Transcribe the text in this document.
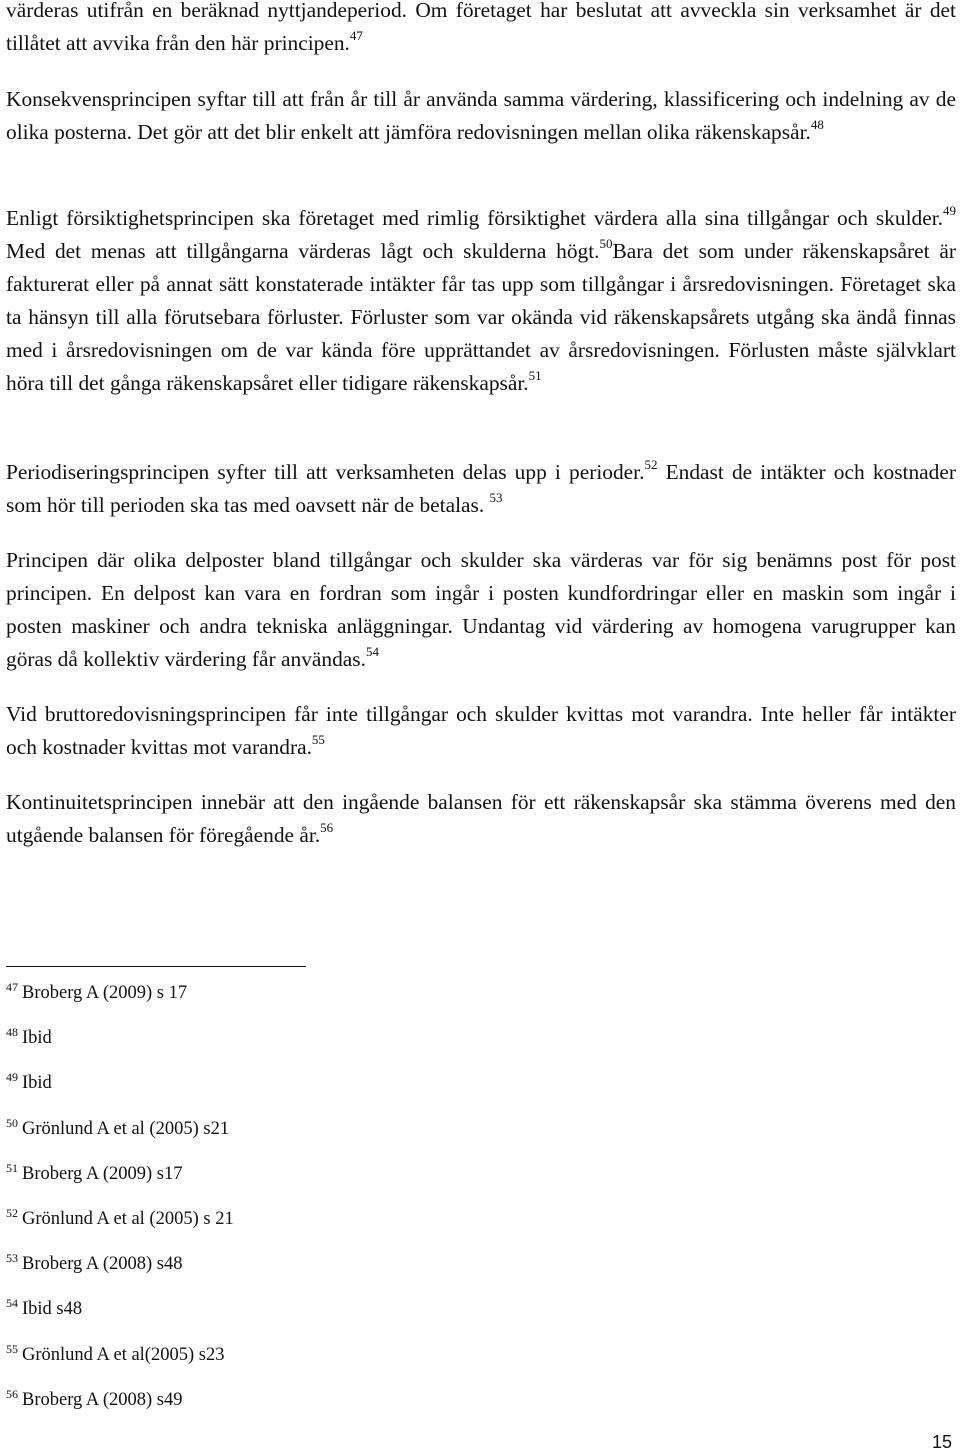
värderas utifrån en beräknad nyttjandeperiod. Om företaget har beslutat att avveckla sin verksamhet är det tillåtet att avvika från den här principen.$^{47}$

Konsekvensprincipen syftar till att från år till år använda samma värdering, klassificering och indelning av de olika posterna. Det gör att det blir enkelt att jämföra redovisningen mellan olika räkenskapsår.$^{48}$

Enligt försiktighetsprincipen ska företaget med rimlig försiktighet värdera alla sina tillgångar och skulder.$^{49}$ Med det menas att tillgångarna värderas lågt och skulderna högt.$^{50}$Bara det som under räkenskapsåret är fakturerat eller på annat sätt konstaterade intäkter får tas upp som tillgångar i årsredovisningen. Företaget ska ta hänsyn till alla förutsebara förluster. Förluster som var okända vid räkenskapsårets utgång ska ändå finnas med i årsredovisningen om de var kända före upprättandet av årsredovisningen. Förlusten måste självklart höra till det gånga räkenskapsåret eller tidigare räkenskapsår.$^{51}$

Periodiseringsprincipen syfter till att verksamheten delas upp i perioder.$^{52}$ Endast de intäkter och kostnader som hör till perioden ska tas med oavsett när de betalas. $^{53}$

Principen där olika delposter bland tillgångar och skulder ska värderas var för sig benämns post för post principen. En delpost kan vara en fordran som ingår i posten kundfordringar eller en maskin som ingår i posten maskiner och andra tekniska anläggningar. Undantag vid värdering av homogena varugrupper kan göras då kollektiv värdering får användas.$^{54}$

Vid bruttoredovisningsprincipen får inte tillgångar och skulder kvittas mot varandra. Inte heller får intäkter och kostnader kvittas mot varandra.$^{55}$

Kontinuitetsprincipen innebär att den ingående balansen för ett räkenskapsår ska stämma överens med den utgående balansen för föregående år.$^{56}$

$^{47}$ Broberg A (2009) s 17
$^{48}$ Ibid
$^{49}$ Ibid
$^{50}$ Grönlund A et al (2005) s21
$^{51}$ Broberg A (2009) s17
$^{52}$ Grönlund A et al (2005) s 21
$^{53}$ Broberg A (2008) s48
$^{54}$ Ibid s48
$^{55}$ Grönlund A et al(2005) s23
$^{56}$ Broberg A (2008) s49
15
